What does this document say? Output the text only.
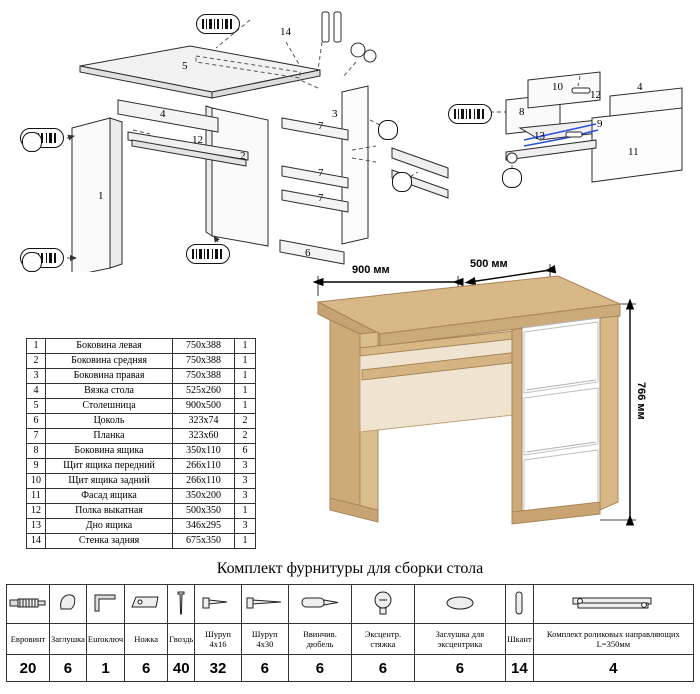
1
2
3
4
5
6
7
7
7
12
14
8
9
10
11
12
13
4
1	Боковина левая	750x388	1
2	Боковина средняя	750x388	1
3	Боковина правая	750x388	1
4	Вязка стола	525x260	1
5	Столешница	900x500	1
6	Цоколь	323x74	2
7	Планка	323x60	2
8	Боковина ящика	350x110	6
9	Щит ящика передний	266x110	3
10	Щит ящика задний	266x110	3
11	Фасад ящика	350x200	3
12	Полка выкатная	500x350	1
13	Дно ящика	346x295	3
14	Стенка задняя	675x350	1
900 мм	500 мм
766 мм
Комплект фурнитуры для сборки стола

Евровинт	Заглушка	Euroключ	Ножка	Гвоздь	Шуруп 4х16	Шуруп 4х30	Ввинчив. дюбель	Эксцентр. стяжка	Заглушка для эксцентрика	Шкант	Комплект роликовых направляющих L=350мм
20	6	1	6	40	32	6	6	6	6	14	4
